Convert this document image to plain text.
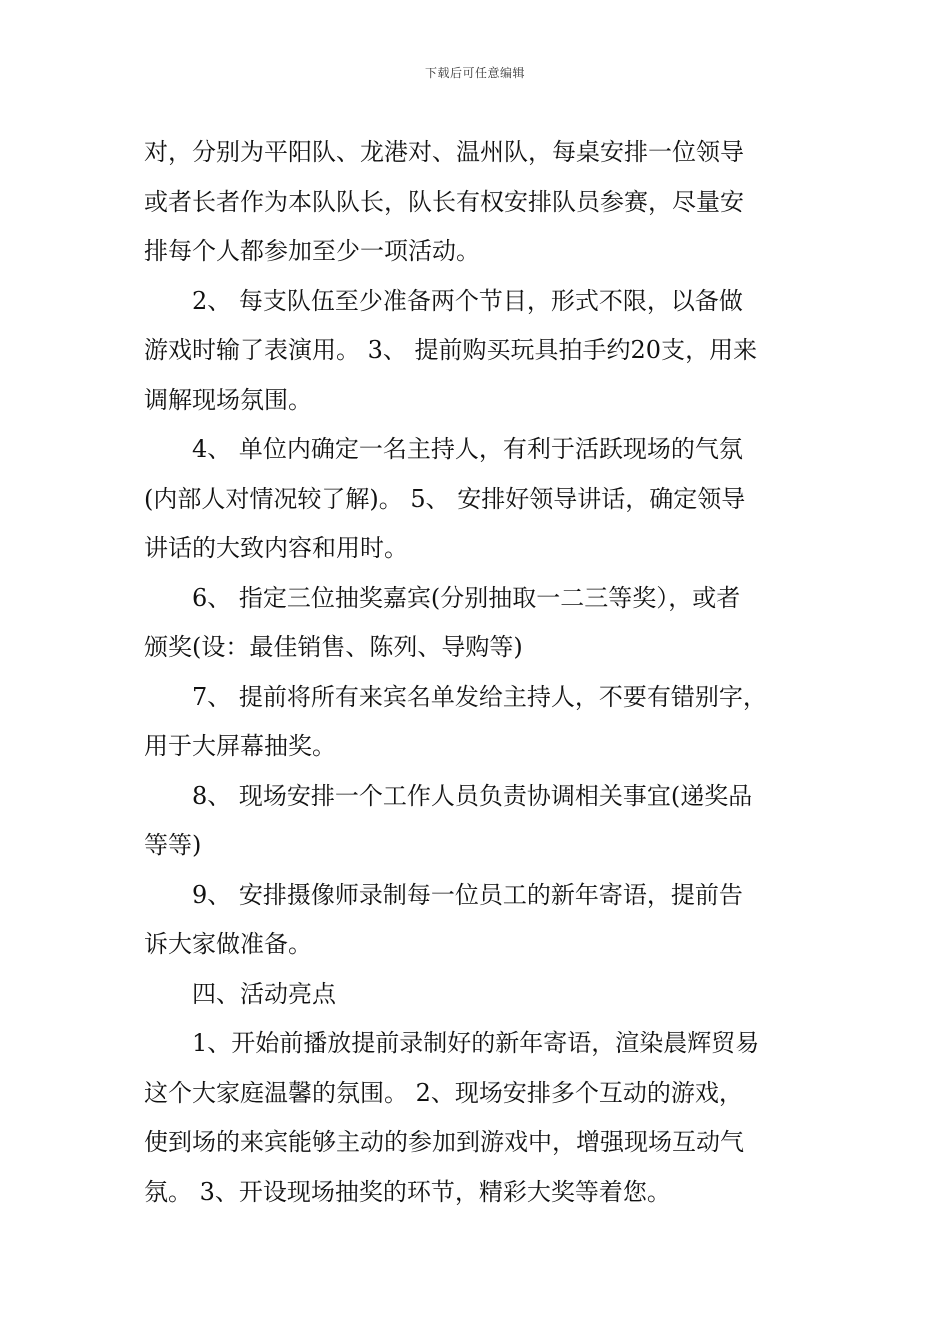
下载后可任意编辑

对，分别为平阳队、龙港对、温州队，每桌安排一位领导
或者长者作为本队队长，队长有权安排队员参赛，尽量安
排每个人都参加至少一项活动。

2、 每支队伍至少准备两个节目，形式不限，以备做
游戏时输了表演用。 3、 提前购买玩具拍手约20支，用来
调解现场氛围。

4、 单位内确定一名主持人，有利于活跃现场的气氛
(内部人对情况较了解)。 5、 安排好领导讲话，确定领导
讲话的大致内容和用时。

6、 指定三位抽奖嘉宾(分别抽取一二三等奖），或者
颁奖(设：最佳销售、陈列、导购等)

7、 提前将所有来宾名单发给主持人，不要有错别字，
用于大屏幕抽奖。

8、 现场安排一个工作人员负责协调相关事宜(递奖品
等等)

9、 安排摄像师录制每一位员工的新年寄语，提前告
诉大家做准备。

四、活动亮点

1、开始前播放提前录制好的新年寄语，渲染晨辉贸易
这个大家庭温馨的氛围。 2、现场安排多个互动的游戏，
使到场的来宾能够主动的参加到游戏中，增强现场互动气
氛。 3、开设现场抽奖的环节，精彩大奖等着您。
